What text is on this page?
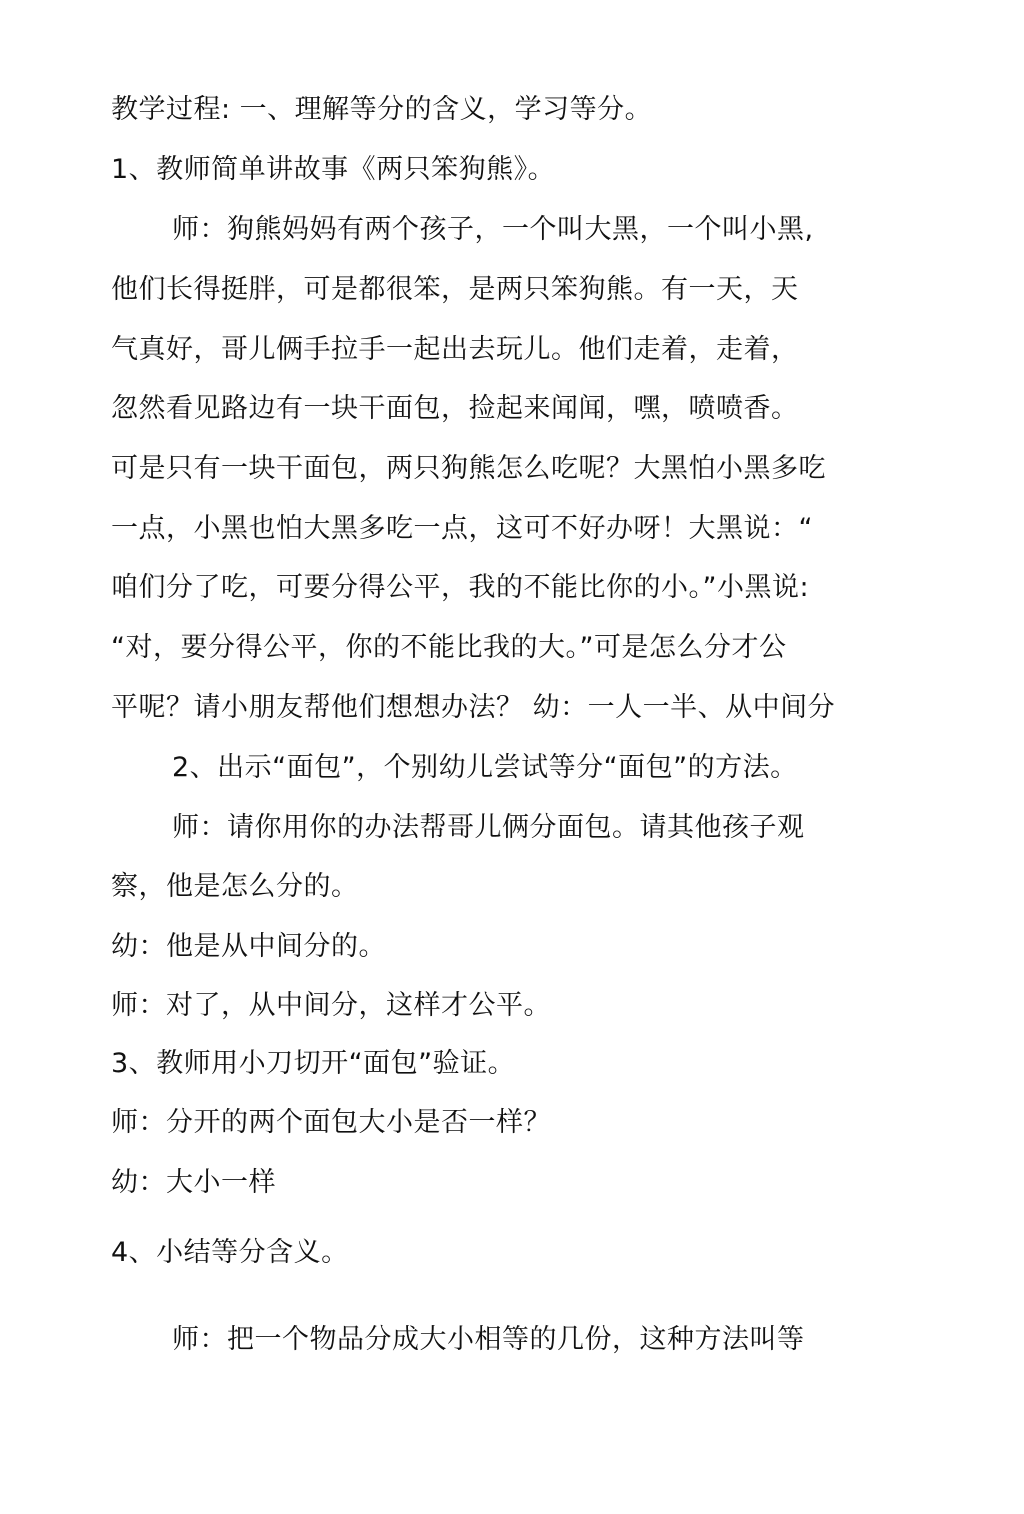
教学过程: 一、理解等分的含义，学习等分。
1、教师简单讲故事《两只笨狗熊》。
师：狗熊妈妈有两个孩子，一个叫大黑，一个叫小黑,
他们长得挺胖，可是都很笨，是两只笨狗熊。有一天，天
气真好，哥儿俩手拉手一起出去玩儿。他们走着，走着，
忽然看见路边有一块干面包，捡起来闻闻，嘿，喷喷香。
可是只有一块干面包，两只狗熊怎么吃呢？大黑怕小黑多吃
一点，小黑也怕大黑多吃一点，这可不好办呀！大黑说：“
咱们分了吃，可要分得公平，我的不能比你的小。”小黑说:
“对，要分得公平，你的不能比我的大。”可是怎么分才公
平呢？请小朋友帮他们想想办法？ 幼：一人一半、从中间分
2、出示“面包”，个别幼儿尝试等分“面包”的方法。
师：请你用你的办法帮哥儿俩分面包。请其他孩子观
察，他是怎么分的。
幼：他是从中间分的。
师：对了，从中间分，这样才公平。
3、教师用小刀切开“面包”验证。
师：分开的两个面包大小是否一样？
幼：大小一样
4、小结等分含义。
师：把一个物品分成大小相等的几份，这种方法叫等
